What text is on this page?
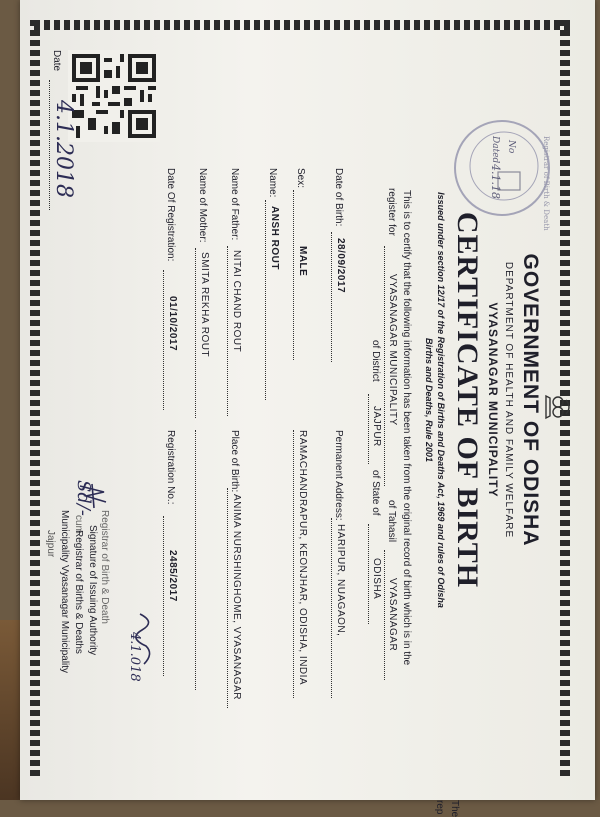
The
rep
GOVERNMENT OF ODISHA
DEPARTMENT OF HEALTH AND FAMILY WELFARE
VYASANAGAR MUNICIPALITY
CERTIFICATE OF BIRTH
Issued under section 12/17 of the Registration of Births and Deaths Act, 1969 and rules of Odisha
Births and Deaths, Rule 2001
Registrar of Birth & Death
No
Dated
4.1.18
This is to certify that the following information has been taken from the original record of birth which is in the
register for
VYASANAGAR MUNICIPALITY
of Tahasil
VYASANAGAR
of District
JAJPUR
of State of
ODISHA
Date of Birth:
28/09/2017
Sex:
MALE
Name:
ANSH ROUT
Name of Father:
NITAI CHAND ROUT
Name of Mother:
SMITA REKHA ROUT
Date Of Registration:
01/10/2017
Permanent Address:
HARIPUR, NUAGAON,
RAMACHANDRAPUR, KEONJHAR, ODISHA, INDIA
Place of Birth:
ANIMA NURSHINGHOME, VYASANAGAR
Registration No.:
2485/2017
Date
4.1.2018
Sd/-
Registrar of Birth & Death
Signature of Issuing Authority
cum
Registrar of Births & Deaths
Municipality Vyasanagar Municipality
Jajpur
4.1.018
